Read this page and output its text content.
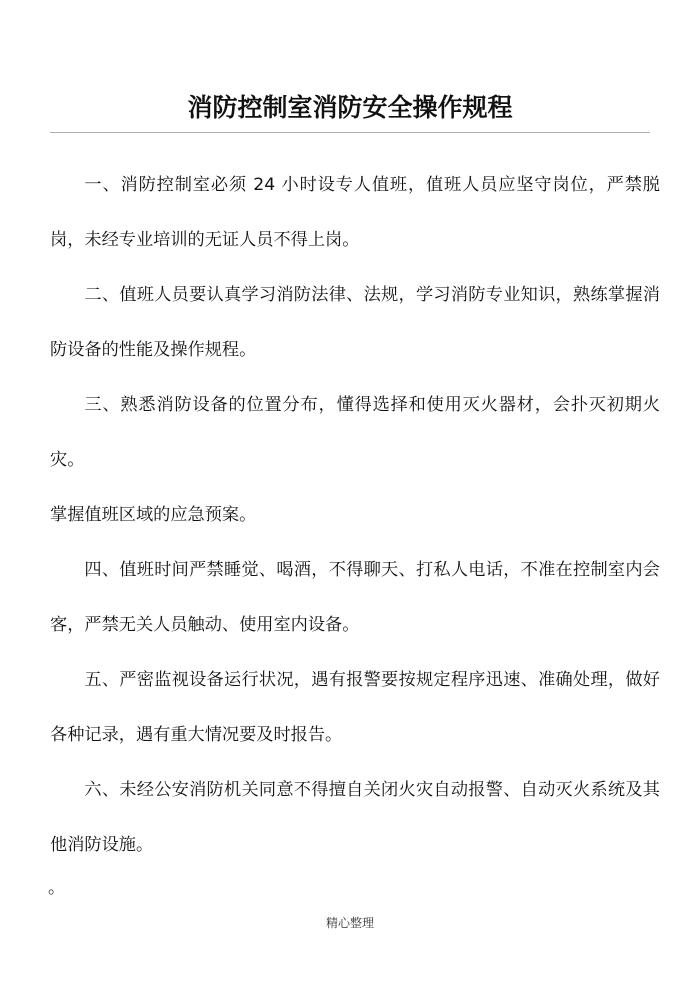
消防控制室消防安全操作规程

一、消防控制室必须 24 小时设专人值班，值班人员应坚守岗位，严禁脱岗，未经专业培训的无证人员不得上岗。

二、值班人员要认真学习消防法律、法规，学习消防专业知识，熟练掌握消防设备的性能及操作规程。

三、熟悉消防设备的位置分布，懂得选择和使用灭火器材，会扑灭初期火灾。

掌握值班区域的应急预案。

四、值班时间严禁睡觉、喝酒，不得聊天、打私人电话，不准在控制室内会客，严禁无关人员触动、使用室内设备。

五、严密监视设备运行状况，遇有报警要按规定程序迅速、准确处理，做好各种记录，遇有重大情况要及时报告。

六、未经公安消防机关同意不得擅自关闭火灾自动报警、自动灭火系统及其他消防设施。

。
精心整理
